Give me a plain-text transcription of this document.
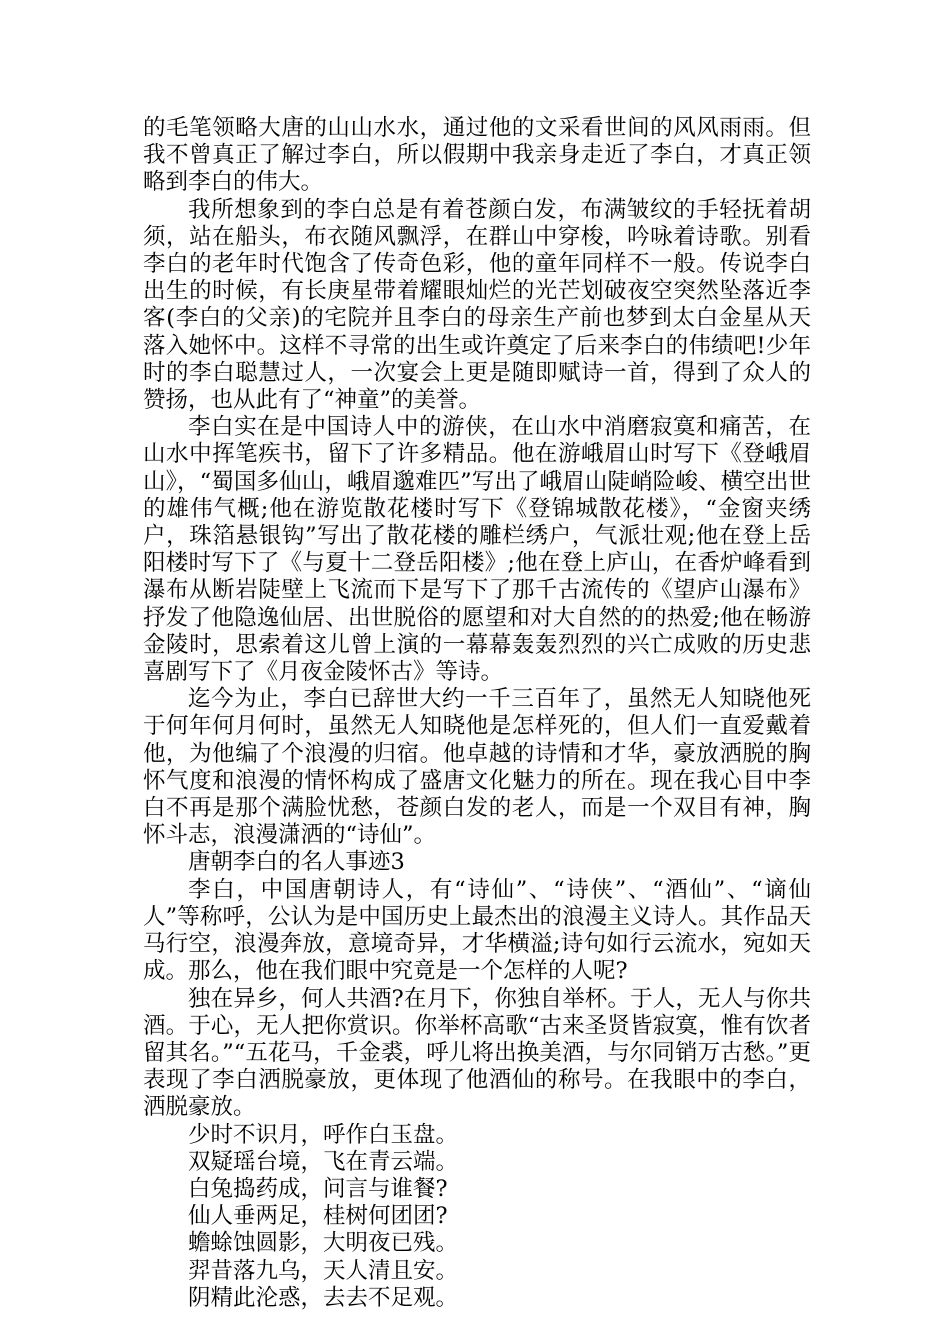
的毛笔领略大唐的山山水水，通过他的文采看世间的风风雨雨。但我不曾真正了解过李白，所以假期中我亲身走近了李白，才真正领略到李白的伟大。

我所想象到的李白总是有着苍颜白发，布满皱纹的手轻抚着胡须，站在船头，布衣随风飘浮，在群山中穿梭，吟咏着诗歌。别看李白的老年时代饱含了传奇色彩，他的童年同样不一般。传说李白出生的时候，有长庚星带着耀眼灿烂的光芒划破夜空突然坠落近李客(李白的父亲)的宅院并且李白的母亲生产前也梦到太白金星从天落入她怀中。这样不寻常的出生或许奠定了后来李白的伟绩吧!少年时的李白聪慧过人，一次宴会上更是随即赋诗一首，得到了众人的赞扬，也从此有了“神童”的美誉。

李白实在是中国诗人中的游侠，在山水中消磨寂寞和痛苦，在山水中挥笔疾书，留下了许多精品。他在游峨眉山时写下《登峨眉山》，“蜀国多仙山，峨眉邈难匹”写出了峨眉山陡峭险峻、横空出世的雄伟气概;他在游览散花楼时写下《登锦城散花楼》，“金窗夹绣户，珠箔悬银钩”写出了散花楼的雕栏绣户，气派壮观;他在登上岳阳楼时写下了《与夏十二登岳阳楼》;他在登上庐山，在香炉峰看到瀑布从断岩陡壁上飞流而下是写下了那千古流传的《望庐山瀑布》抒发了他隐逸仙居、出世脱俗的愿望和对大自然的的热爱;他在畅游金陵时，思索着这儿曾上演的一幕幕轰轰烈烈的兴亡成败的历史悲喜剧写下了《月夜金陵怀古》等诗。

迄今为止，李白已辞世大约一千三百年了，虽然无人知晓他死于何年何月何时，虽然无人知晓他是怎样死的，但人们一直爱戴着他，为他编了个浪漫的归宿。他卓越的诗情和才华，豪放洒脱的胸怀气度和浪漫的情怀构成了盛唐文化魅力的所在。现在我心目中李白不再是那个满脸忧愁，苍颜白发的老人，而是一个双目有神，胸怀斗志，浪漫潇洒的“诗仙”。

唐朝李白的名人事迹3

李白，中国唐朝诗人，有“诗仙”、“诗侠”、“酒仙”、“谪仙人”等称呼，公认为是中国历史上最杰出的浪漫主义诗人。其作品天马行空，浪漫奔放，意境奇异，才华横溢;诗句如行云流水，宛如天成。那么，他在我们眼中究竟是一个怎样的人呢?

独在异乡，何人共酒?在月下，你独自举杯。于人，无人与你共酒。于心，无人把你赏识。你举杯高歌“古来圣贤皆寂寞，惟有饮者留其名。”“五花马，千金裘，呼儿将出换美酒，与尔同销万古愁。”更表现了李白洒脱豪放，更体现了他酒仙的称号。在我眼中的李白，洒脱豪放。

少时不识月，呼作白玉盘。

双疑瑶台境，飞在青云端。

白兔捣药成，问言与谁餐?

仙人垂两足，桂树何团团?

蟾蜍蚀圆影，大明夜已残。

羿昔落九乌，天人清且安。

阴精此沦惑，去去不足观。
